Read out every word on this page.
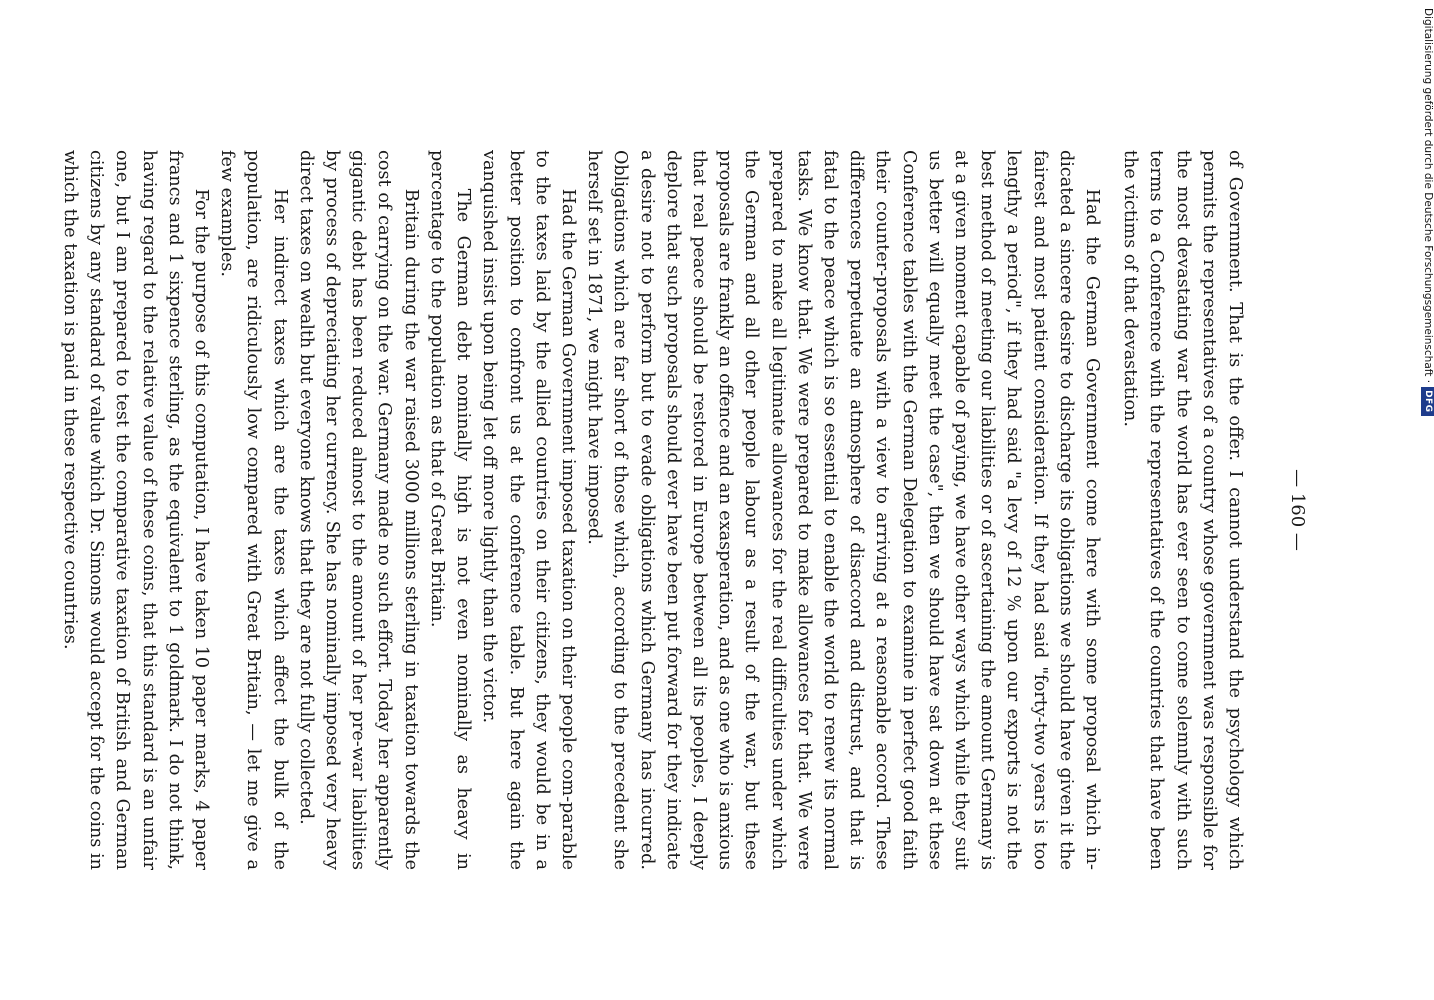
— 160 —

of Government. That is the offer. I cannot understand the psychology which permits the representatives of a country whose government was responsible for the most devastating war the world has ever seen to come solemnly with such terms to a Conference with the representatives of the countries that have been the victims of that devastation.

Had the German Government come here with some proposal which in-dicated a sincere desire to discharge its obligations we should have given it the fairest and most patient consideration. If they had said "forty-two years is too lengthy a period", if they had said "a levy of 12 % upon our exports is not the best method of meeting our liabilities or of ascertaining the amount Germany is at a given moment capable of paying, we have other ways which while they suit us better will equally meet the case", then we should have sat down at these Conference tables with the German Delegation to examine in perfect good faith their counter-proposals with a view to arriving at a reasonable accord. These differences perpetuate an atmosphere of disaccord and distrust, and that is fatal to the peace which is so essential to enable the world to renew its normal tasks. We know that. We were prepared to make allowances for that. We were prepared to make all legitimate allowances for the real difficulties under which the German and all other people labour as a result of the war, but these proposals are frankly an offence and an exasperation, and as one who is anxious that real peace should be restored in Europe between all its peoples, I deeply deplore that such proposals should ever have been put forward for they indicate a desire not to perform but to evade obligations which Germany has incurred. Obligations which are far short of those which, according to the precedent she herself set in 1871, we might have imposed.

Had the German Government imposed taxation on their people com-parable to the taxes laid by the allied countries on their citizens, they would be in a better position to confront us at the conference table. But here again the vanquished insist upon being let off more lightly than the victor.

The German debt nominally high is not even nominally as heavy in percentage to the population as that of Great Britain.

Britain during the war raised 3000 millions sterling in taxation towards the cost of carrying on the war. Germany made no such effort. Today her apparently gigantic debt has been reduced almost to the amount of her pre-war liabilities by process of depreciating her currency. She has nominally imposed very heavy direct taxes on wealth but everyone knows that they are not fully collected.

Her indirect taxes which are the taxes which affect the bulk of the population, are ridiculously low compared with Great Britain, — let me give a few examples.

For the purpose of this computation, I have taken 10 paper marks, 4 paper francs and 1 sixpence sterling, as the equivalent to 1 goldmark. I do not think, having regard to the relative value of these coins, that this standard is an unfair one, but I am prepared to test the comparative taxation of British and German citizens by any standard of value which Dr. Simons would accept for the coins in which the taxation is paid in these respective countries.	Digitalisierung gefördert durch die Deutsche Forschungsgemeinschaft ·
DFG
